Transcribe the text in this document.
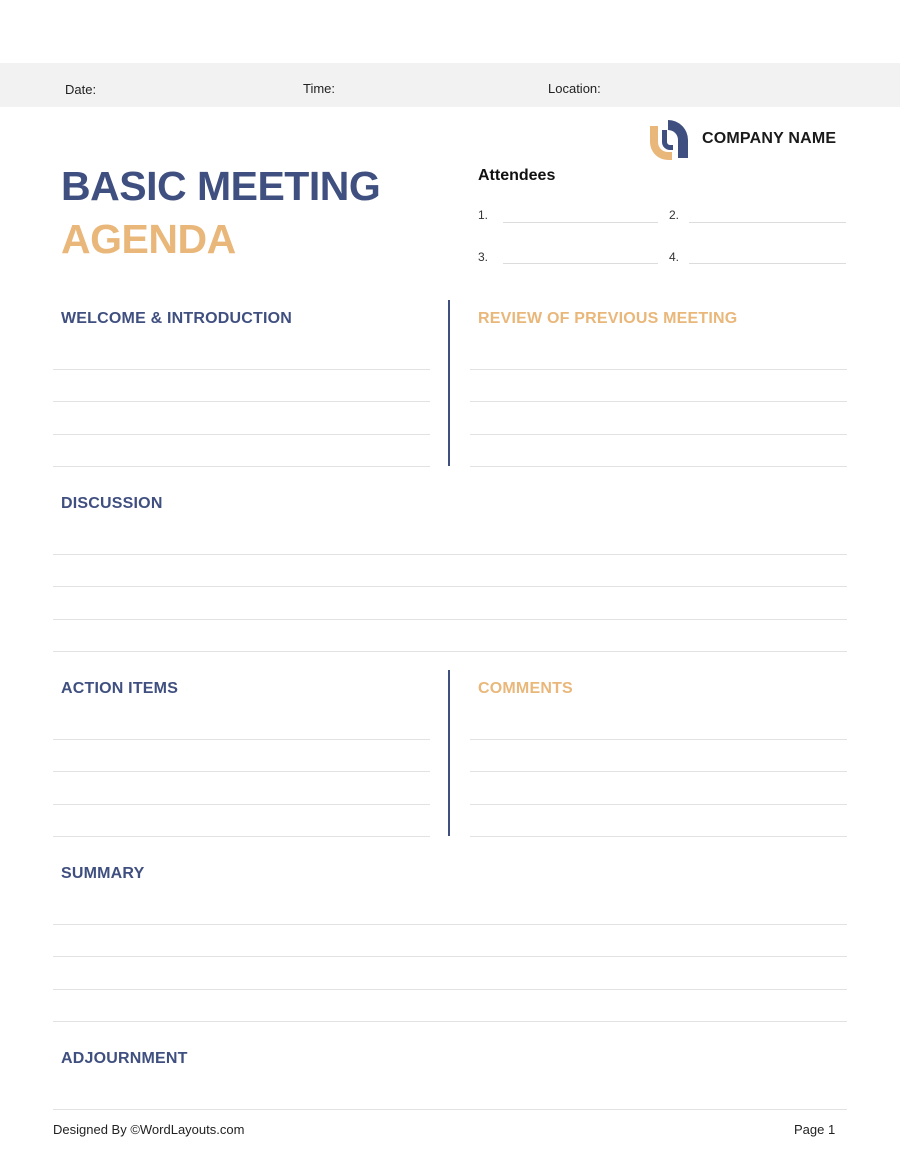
Date:	Time:	Location:
COMPANY NAME
BASIC MEETING
AGENDA
Attendees
1.	2.
3.	4.
WELCOME & INTRODUCTION	REVIEW OF PREVIOUS MEETING
DISCUSSION
ACTION ITEMS	COMMENTS
SUMMARY
ADJOURNMENT
Designed By ©WordLayouts.com	Page 1
